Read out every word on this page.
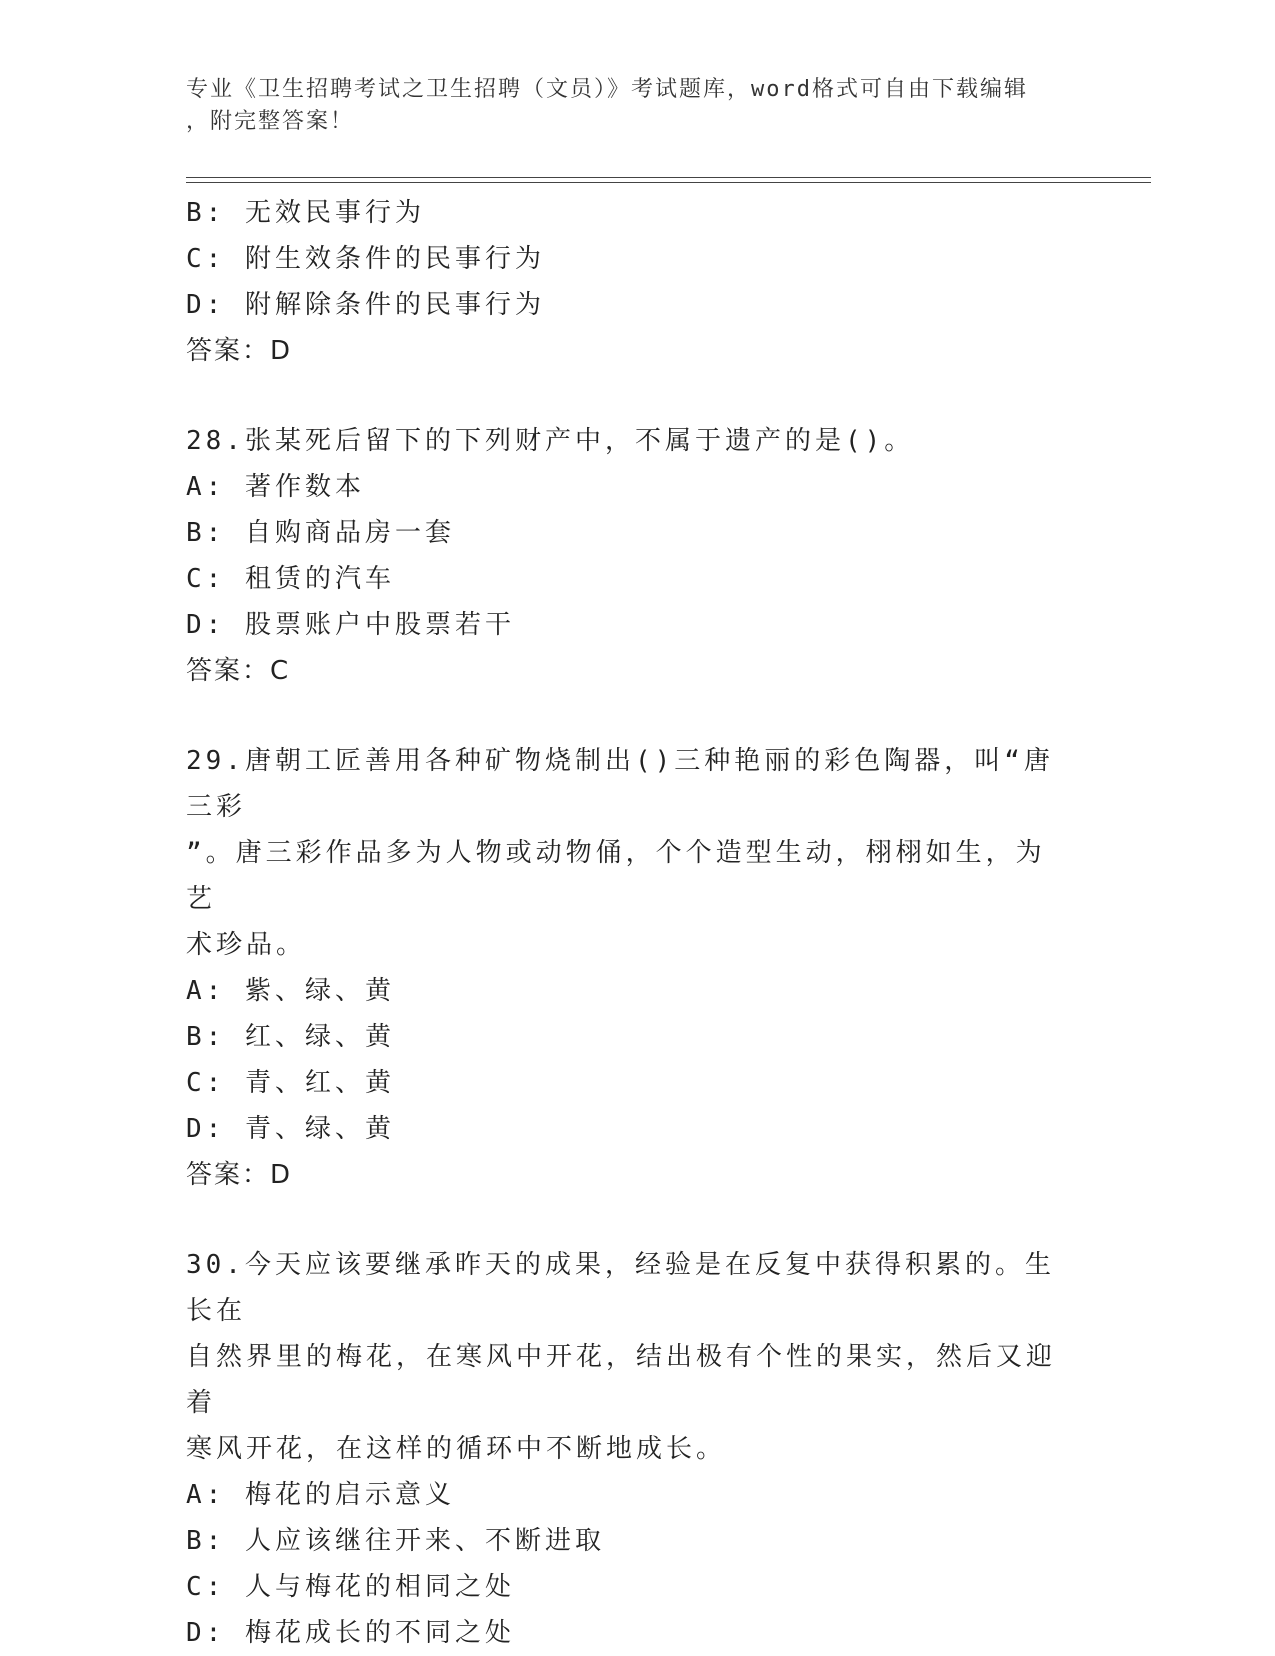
专业《卫生招聘考试之卫生招聘（文员）》考试题库，word格式可自由下载编辑
，附完整答案！
B: 无效民事行为
C: 附生效条件的民事行为
D: 附解除条件的民事行为
答案：D
28.张某死后留下的下列财产中，不属于遗产的是()。
A: 著作数本
B: 自购商品房一套
C: 租赁的汽车
D: 股票账户中股票若干
答案：C
29.唐朝工匠善用各种矿物烧制出()三种艳丽的彩色陶器，叫“唐三彩
”。唐三彩作品多为人物或动物俑，个个造型生动，栩栩如生，为艺
术珍品。
A: 紫、绿、黄
B: 红、绿、黄
C: 青、红、黄
D: 青、绿、黄
答案：D
30.今天应该要继承昨天的成果，经验是在反复中获得积累的。生长在
自然界里的梅花，在寒风中开花，结出极有个性的果实，然后又迎着
寒风开花，在这样的循环中不断地成长。
A: 梅花的启示意义
B: 人应该继往开来、不断进取
C: 人与梅花的相同之处
D: 梅花成长的不同之处
